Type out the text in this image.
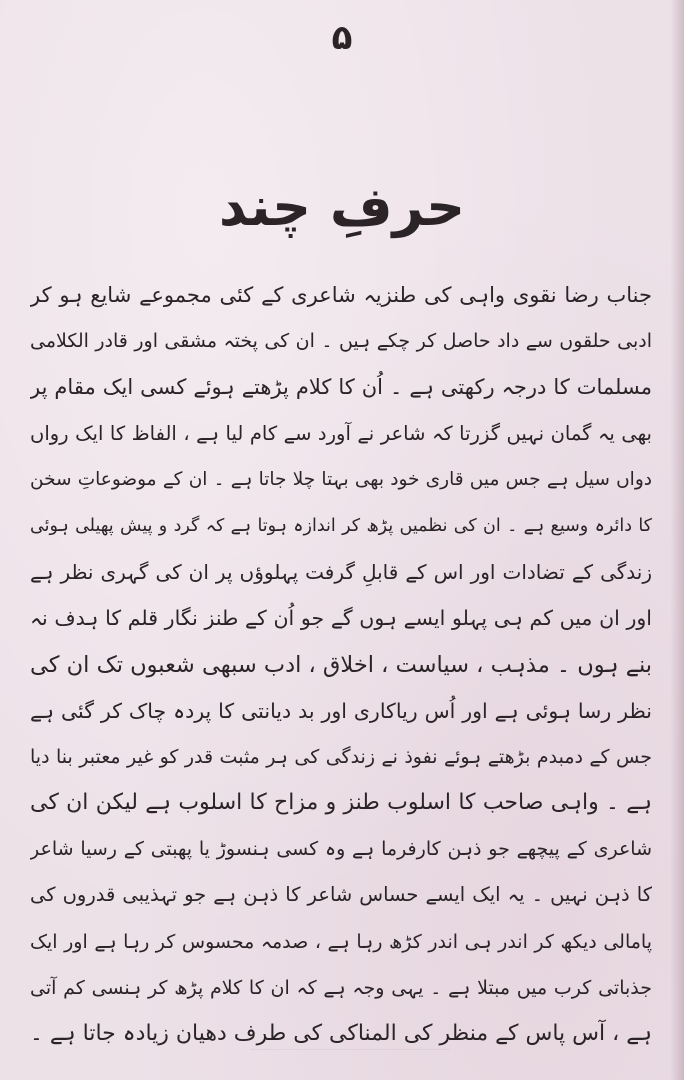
۵
حرفِ چند
جناب رضا نقوی واہی کی طنزیہ شاعری کے کئی مجموعے شایع ہو کر
ادبی حلقوں سے داد حاصل کر چکے ہیں ۔ ان کی پختہ مشقی اور قادر الکلامی
مسلمات کا درجہ رکھتی ہے ۔ اُن کا کلام پڑھتے ہوئے کسی ایک مقام پر
بھی یہ گمان نہیں گزرتا کہ شاعر نے آورد سے کام لیا ہے ، الفاظ کا ایک رواں
دواں سیل ہے جس میں قاری خود بھی بہتا چلا جاتا ہے ۔ ان کے موضوعاتِ سخن
کا دائرہ وسیع ہے ۔ ان کی نظمیں پڑھ کر اندازہ ہوتا ہے کہ گرد و پیش پھیلی ہوئی
زندگی کے تضادات اور اس کے قابلِ گرفت پہلوؤں پر ان کی گہری نظر ہے
اور ان میں کم ہی پہلو ایسے ہوں گے جو اُن کے طنز نگار قلم کا ہدف نہ
بنے ہوں ۔ مذہب ، سیاست ، اخلاق ، ادب سبھی شعبوں تک ان کی
نظر رسا ہوئی ہے اور اُس ریاکاری اور بد دیانتی کا پردہ چاک کر گئی ہے
جس کے دمبدم بڑھتے ہوئے نفوذ نے زندگی کی ہر مثبت قدر کو غیر معتبر بنا دیا
ہے ۔ واہی صاحب کا اسلوب طنز و مزاح کا اسلوب ہے لیکن ان کی
شاعری کے پیچھے جو ذہن کارفرما ہے وہ کسی ہنسوڑ یا پھبتی کے رسیا شاعر
کا ذہن نہیں ۔ یہ ایک ایسے حساس شاعر کا ذہن ہے جو تہذیبی قدروں کی
پامالی دیکھ کر اندر ہی اندر کڑھ رہا ہے ، صدمہ محسوس کر رہا ہے اور ایک
جذباتی کرب میں مبتلا ہے ۔ یہی وجہ ہے کہ ان کا کلام پڑھ کر ہنسی کم آتی
ہے ، آس پاس کے منظر کی المناکی کی طرف دھیان زیادہ جاتا ہے ۔
